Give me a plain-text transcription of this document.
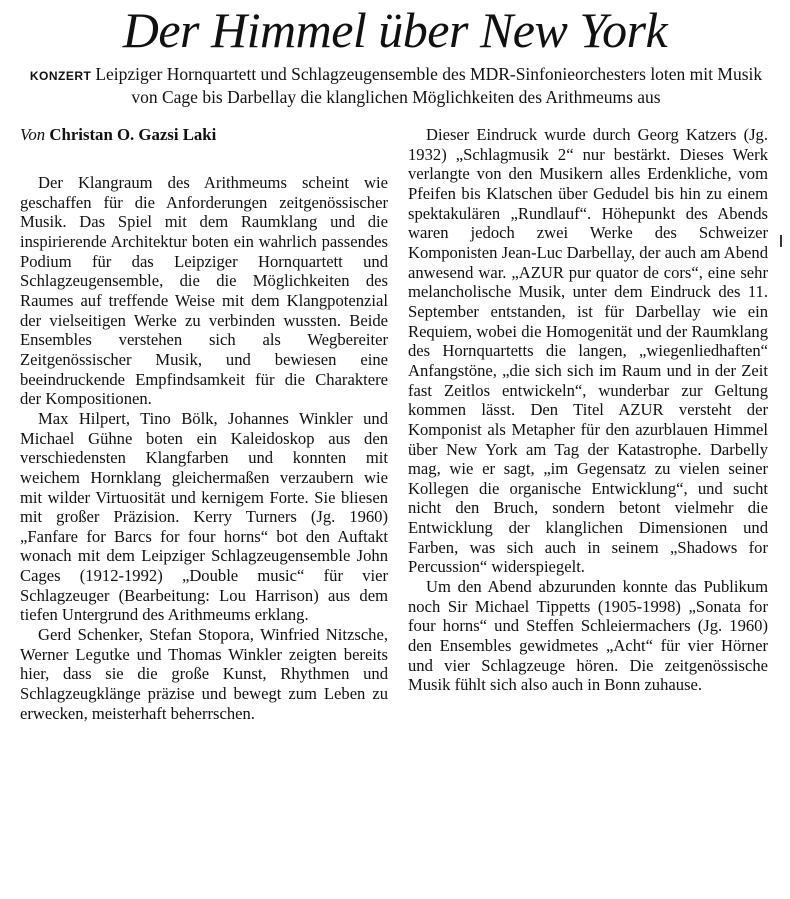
Der Himmel über New York
KONZERT Leipziger Hornquartett und Schlagzeugensemble des MDR-Sinfonieorchesters loten mit Musik von Cage bis Darbellay die klanglichen Möglichkeiten des Arithmeums aus
Von Christan O. Gazsi Laki

Der Klangraum des Arithmeums scheint wie geschaffen für die Anforderungen zeitgenössischer Musik. Das Spiel mit dem Raumklang und die inspirierende Architektur boten ein wahrlich passendes Podium für das Leipziger Hornquartett und Schlagzeugensemble, die die Möglichkeiten des Raumes auf treffende Weise mit dem Klangpotenzial der vielseitigen Werke zu verbinden wussten. Beide Ensembles verstehen sich als Wegbereiter Zeitgenössischer Musik, und bewiesen eine beeindruckende Empfindsamkeit für die Charaktere der Kompositionen.

Max Hilpert, Tino Bölk, Johannes Winkler und Michael Gühne boten ein Kaleidoskop aus den verschiedensten Klangfarben und konnten mit weichem Hornklang gleichermaßen verzaubern wie mit wilder Virtuosität und kernigem Forte. Sie bliesen mit großer Präzision. Kerry Turners (Jg. 1960) „Fanfare for Barcs for four horns“ bot den Auftakt wonach mit dem Leipziger Schlagzeugensemble John Cages (1912-1992) „Double music“ für vier Schlagzeuger (Bearbeitung: Lou Harrison) aus dem tiefen Untergrund des Arithmeums erklang.

Gerd Schenker, Stefan Stopora, Winfried Nitzsche, Werner Legutke und Thomas Winkler zeigten bereits hier, dass sie die große Kunst, Rhythmen und Schlagzeugklänge präzise und bewegt zum Leben zu erwecken, meisterhaft beherrschen.

Dieser Eindruck wurde durch Georg Katzers (Jg. 1932) „Schlagmusik 2“ nur bestärkt. Dieses Werk verlangte von den Musikern alles Erdenkliche, vom Pfeifen bis Klatschen über Gedudel bis hin zu einem spektakulären „Rundlauf“. Höhepunkt des Abends waren jedoch zwei Werke des Schweizer Komponisten Jean-Luc Darbellay, der auch am Abend anwesend war. „AZUR pur quator de cors“, eine sehr melancholische Musik, unter dem Eindruck des 11. September entstanden, ist für Darbellay wie ein Requiem, wobei die Homogenität und der Raumklang des Hornquartetts die langen, „wiegenliedhaften“ Anfangstöne, „die sich sich im Raum und in der Zeit fast Zeitlos entwickeln“, wunderbar zur Geltung kommen lässt. Den Titel AZUR versteht der Komponist als Metapher für den azurblauen Himmel über New York am Tag der Katastrophe. Darbelly mag, wie er sagt, „im Gegensatz zu vielen seiner Kollegen die organische Entwicklung“, und sucht nicht den Bruch, sondern betont vielmehr die Entwicklung der klanglichen Dimensionen und Farben, was sich auch in seinem „Shadows for Percussion“ widerspiegelt.

Um den Abend abzurunden konnte das Publikum noch Sir Michael Tippetts (1905-1998) „Sonata for four horns“ und Steffen Schleiermachers (Jg. 1960) den Ensembles gewidmetes „Acht“ für vier Hörner und vier Schlagzeuge hören. Die zeitgenössische Musik fühlt sich also auch in Bonn zuhause.
